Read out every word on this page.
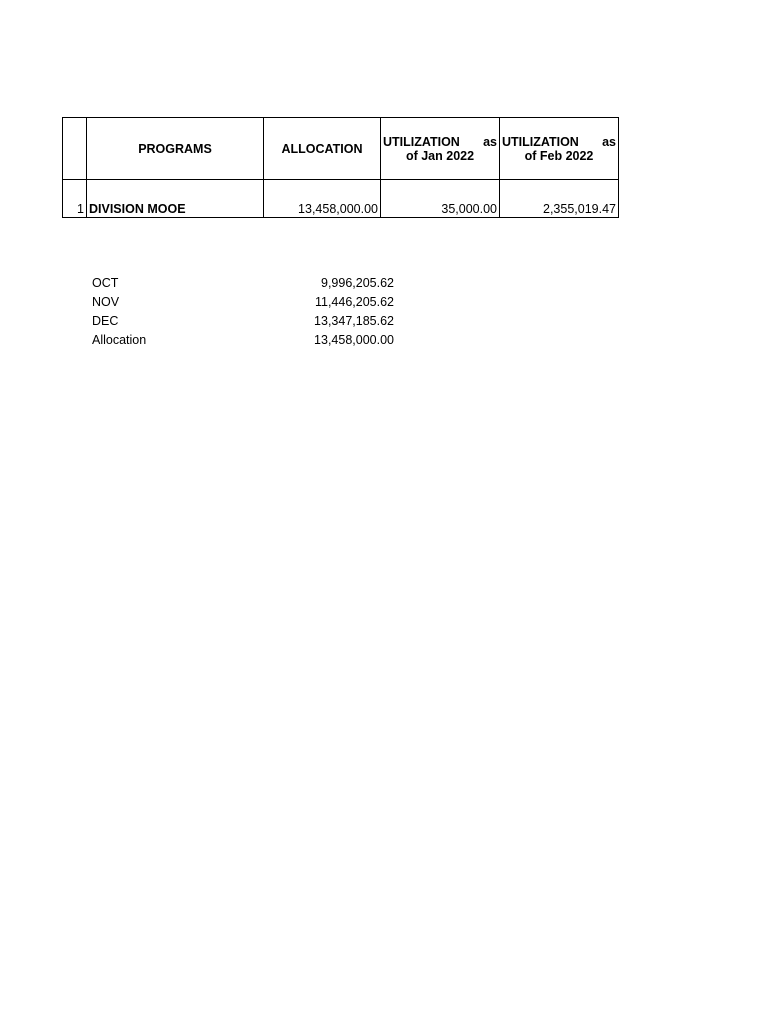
	PROGRAMS	ALLOCATION	UTILIZATION as
of Jan 2022	UTILIZATION as
of Feb 2022

1	DIVISION MOOE	13,458,000.00	35,000.00	2,355,019.47
OCT	9,996,205.62
NOV	11,446,205.62
DEC	13,347,185.62
Allocation	13,458,000.00
